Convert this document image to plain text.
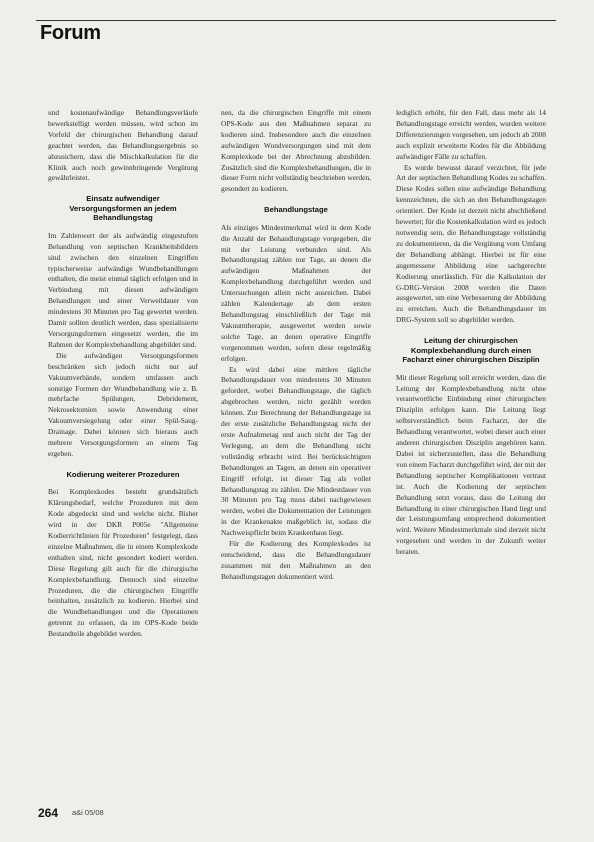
Forum

und kostenaufwändige Behandlungsverläufe bewerkstelligt werden müssen, wird schon im Vorfeld der chirurgischen Behandlung darauf geachtet werden, das Behandlungsergebnis so abzusichern, dass die Mischkalkulation für die Klinik auch noch gewinnbringende Vergütung gewährleistet.

Einsatz aufwendiger Versorgungsformen an jedem Behandlungstag

Im Zahlenwert der als aufwändig eingestuften Behandlung von septischen Krankheitsbildern sind zwischen den einzelnen Eingriffen typischerweise aufwändige Wundbehandlungen enthalten, die meist einmal täglich erfolgen und in Verbindung mit diesen aufwändigen Behandlungen und einer Verweildauer von mindestens 30 Minuten pro Tag gewertet werden. Damit sollten deutlich werden, dass spezialisierte Versorgungsformen eingesetzt werden, die im Rahmen der Komplexbehandlung abgebildet sind.

Die aufwändigen Versorgungsformen beschränken sich jedoch nicht nur auf Vakuumverbände, sondern umfassen auch sonstige Formen der Wundbehandlung wie z. B. mehrfache Spülungen, Debridement, Nekrosektomien sowie Anwendung einer Vakuumversiegelung oder einer Spül-Saug-Drainage. Dabei können sich hieraus auch mehrere Versorgungsformen an einem Tag ergeben.

Kodierung weiterer Prozeduren

Bei Komplexkodes besteht grundsätzlich Klärungsbedarf, welche Prozeduren mit dem Kode abgedeckt sind und welche nicht. Bisher wird in der DKR P005e "Allgemeine Kodierrichtlinien für Prozeduren" festgelegt, dass einzelne Maßnahmen, die in einem Komplexkode enthalten sind, nicht gesondert kodiert werden. Diese Regelung gilt auch für die chirurgische Komplexbehandlung. Dennoch sind einzelne Prozeduren, die die chirurgischen Eingriffe beinhalten, zusätzlich zu kodieren. Hierbei sind die Wundbehandlungen und die Operationen getrennt zu erfassen, da im OPS-Kode beide Bestandteile abgebildet werden.

nen, da die chirurgischen Eingriffe mit einem OPS-Kode aus den Maßnahmen separat zu kodieren sind. Insbesondere auch die einzelnen aufwändigen Wundversorgungen sind mit dem Komplexkode bei der Abrechnung abzubilden. Zusätzlich sind die Komplexbehandlungen, die in dieser Form nicht vollständig beschrieben werden, gesondert zu kodieren.

Behandlungstage

Als einziges Mindestmerkmal wird in dem Kode die Anzahl der Behandlungstage vorgegeben, die mit der Leistung verbunden sind. Als Behandlungstag zählen nur Tage, an denen die aufwändigen Maßnahmen der Komplexbehandlung durchgeführt werden und Untersuchungen allein nicht ausreichen. Dabei zählen Kalendertage ab dem ersten Behandlungstag einschließlich der Tage mit Vakuumtherapie, ausgewertet werden sowie solche Tage, an denen operative Eingriffe vorgenommen werden, sofern diese regelmäßig erfolgen.

Es wird dabei eine mittlere tägliche Behandlungsdauer von mindestens 30 Minuten gefordert, wobei Behandlungstage, die täglich abgebrochen werden, nicht gezählt werden können. Zur Berechnung der Behandlungstage ist der erste zusätzliche Behandlungstag nicht der erste Aufnahmetag und auch nicht der Tag der Verlegung, an dem die Behandlung nicht vollständig erbracht wird. Bei berücksichtigten Behandlungen an Tagen, an denen ein operativer Eingriff erfolgt, ist dieser Tag als voller Behandlungstag zu zählen. Die Mindestdauer von 30 Minuten pro Tag muss dabei nachgewiesen werden, wobei die Dokumentation der Leistungen in der Krankenakte maßgeblich ist, sodass die Nachweispflicht beim Krankenhaus liegt.

Für die Kodierung des Komplexkodes ist entscheidend, dass die Behandlungsdauer zusammen mit den Maßnahmen an den Behandlungstagen dokumentiert wird.

lediglich erhöht, für den Fall, dass mehr als 14 Behandlungstage erreicht werden, wurden weitere Differenzierungen vorgesehen, um jedoch ab 2008 auch explizit erweiterte Kodes für die Abbildung aufwändiger Fälle zu schaffen.

Es wurde bewusst darauf verzichtet, für jede Art der septischen Behandlung Kodes zu schaffen. Diese Kodes sollen eine aufwändige Behandlung kennzeichnen, die sich an den Behandlungstagen orientiert. Der Kode ist derzeit nicht abschließend bewertet; für die Kostenkalkulation wird es jedoch notwendig sein, die Behandlungstage vollständig zu dokumentieren, da die Vergütung vom Umfang der Behandlung abhängt. Hierbei ist für eine angemessene Abbildung eine sachgerechte Kodierung unerlässlich. Für die Kalkulation der G-DRG-Version 2008 werden die Daten ausgewertet, um eine Verbesserung der Abbildung zu erreichen. Auch die Behandlungsdauer im DRG-System soll so abgebildet werden.

Leitung der chirurgischen Komplexbehandlung durch einen Facharzt einer chirurgischen Disziplin

Mit dieser Regelung soll erreicht werden, dass die Leitung der Komplexbehandlung nicht ohne verantwortliche Einbindung einer chirurgischen Disziplin erfolgen kann. Die Leitung liegt selbstverständlich beim Facharzt, der die Behandlung verantwortet, wobei dieser auch einer anderen chirurgischen Disziplin angehören kann. Dabei ist sicherzustellen, dass die Behandlung von einem Facharzt durchgeführt wird, der mit der Behandlung septischer Komplikationen vertraut ist. Auch die Kodierung der septischen Behandlung setzt voraus, dass die Leitung der Behandlung in einer chirurgischen Hand liegt und der Leistungsumfang entsprechend dokumentiert wird. Weitere Mindestmerkmale sind derzeit nicht vorgesehen und werden in der Zukunft weiter beraten.

264 a&i 05/08
